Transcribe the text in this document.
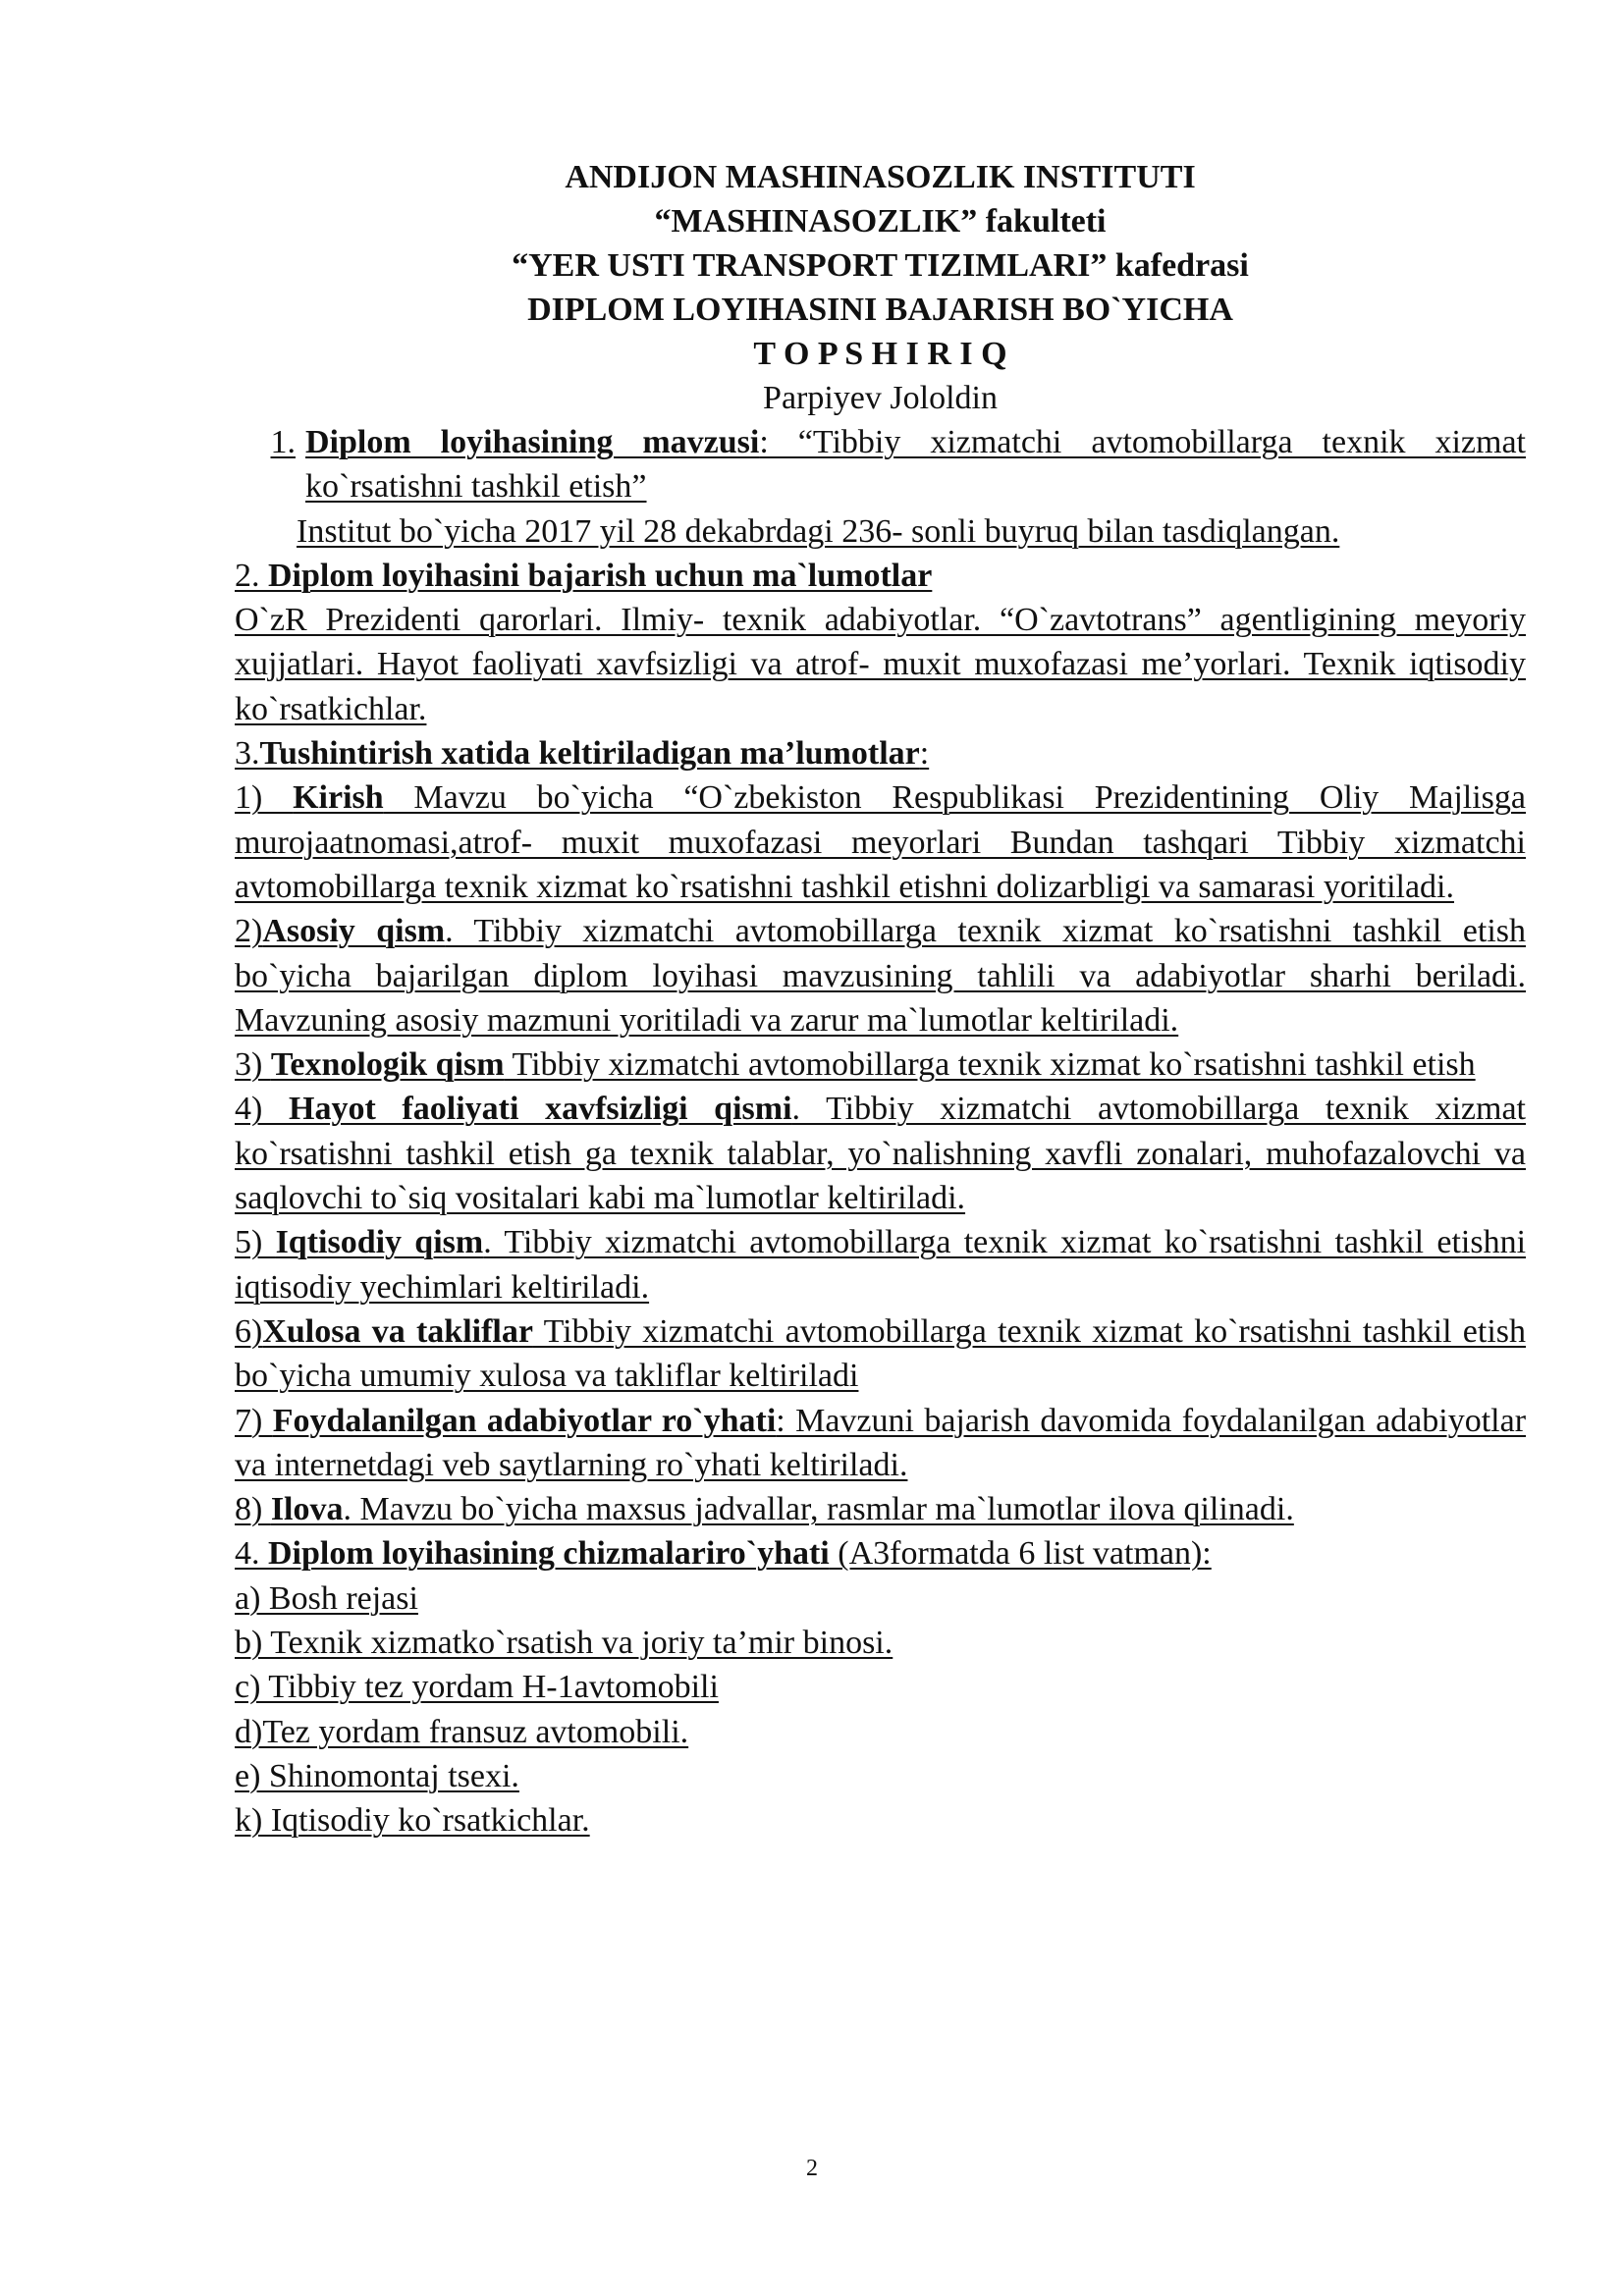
ANDIJON MASHINASOZLIK INSTITUTI
“MASHINASOZLIK” fakulteti
“YER USTI TRANSPORT TIZIMLARI” kafedrasi
DIPLOM LOYIHASINI BAJARISH BO`YICHA
T O P S H I R I Q
Parpiyev Jololdin
1. Diplom loyihasining mavzusi: “Tibbiy xizmatchi avtomobillarga texnik xizmat ko`rsatishni tashkil etish”
Institut bo`yicha 2017 yil 28 dekabrdagi 236- sonli buyruq bilan tasdiqlangan.
2. Diplom loyihasini bajarish uchun ma`lumotlar
O`zR Prezidenti qarorlari. Ilmiy- texnik adabiyotlar. “O`zavtotrans” agentligining meyoriy xujjatlari. Hayot faoliyati xavfsizligi va atrof- muxit muxofazasi me’yorlari. Texnik iqtisodiy ko`rsatkichlar.
3.Tushintirish xatida keltiriladigan ma’lumotlar:
1) Kirish Mavzu bo`yicha “O`zbekiston Respublikasi Prezidentining Oliy Majlisga murojaatnomasi,atrof- muxit muxofazasi meyorlari Bundan tashqari Tibbiy xizmatchi avtomobillarga texnik xizmat ko`rsatishni tashkil etishni dolizarbligi va samarasi yoritiladi.
2)Asosiy qism. Tibbiy xizmatchi avtomobillarga texnik xizmat ko`rsatishni tashkil etish bo`yicha bajarilgan diplom loyihasi mavzusining tahlili va adabiyotlar sharhi beriladi. Mavzuning asosiy mazmuni yoritiladi va zarur ma`lumotlar keltiriladi.
3) Texnologik qism Tibbiy xizmatchi avtomobillarga texnik xizmat ko`rsatishni tashkil etish
4) Hayot faoliyati xavfsizligi qismi. Tibbiy xizmatchi avtomobillarga texnik xizmat ko`rsatishni tashkil etish ga texnik talablar, yo`nalishning xavfli zonalari, muhofazalovchi va saqlovchi to`siq vositalari kabi ma`lumotlar keltiriladi.
5) Iqtisodiy qism. Tibbiy xizmatchi avtomobillarga texnik xizmat ko`rsatishni tashkil etishni iqtisodiy yechimlari keltiriladi.
6)Xulosa va takliflar Tibbiy xizmatchi avtomobillarga texnik xizmat ko`rsatishni tashkil etish bo`yicha umumiy xulosa va takliflar keltiriladi
7) Foydalanilgan adabiyotlar ro`yhati: Mavzuni bajarish davomida foydalanilgan adabiyotlar va internetdagi veb saytlarning ro`yhati keltiriladi.
8) Ilova. Mavzu bo`yicha maxsus jadvallar, rasmlar ma`lumotlar ilova qilinadi.
4. Diplom loyihasining chizmalariro`yhati (A3formatda 6 list vatman):
a) Bosh rejasi
b) Texnik xizmatko`rsatish va joriy ta’mir binosi.
c) Tibbiy tez yordam H-1avtomobili
d)Tez yordam fransuz avtomobili.
e) Shinomontaj tsexi.
k) Iqtisodiy ko`rsatkichlar.
2
